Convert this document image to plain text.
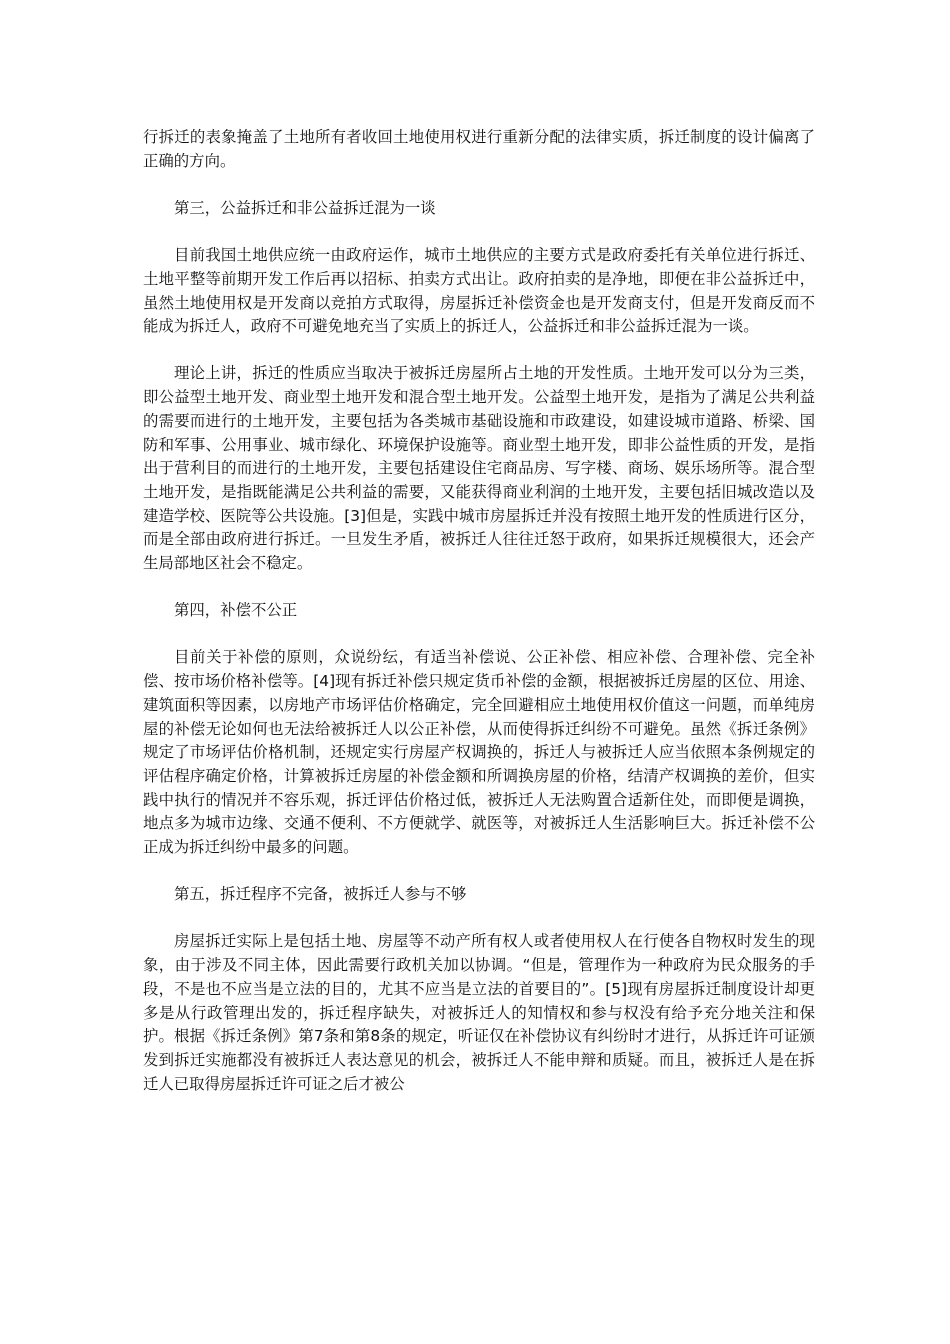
行拆迁的表象掩盖了土地所有者收回土地使用权进行重新分配的法律实质，拆迁制度的设计偏离了正确的方向。

第三，公益拆迁和非公益拆迁混为一谈

目前我国土地供应统一由政府运作，城市土地供应的主要方式是政府委托有关单位进行拆迁、土地平整等前期开发工作后再以招标、拍卖方式出让。政府拍卖的是净地，即便在非公益拆迁中，虽然土地使用权是开发商以竞拍方式取得，房屋拆迁补偿资金也是开发商支付，但是开发商反而不能成为拆迁人，政府不可避免地充当了实质上的拆迁人，公益拆迁和非公益拆迁混为一谈。

理论上讲，拆迁的性质应当取决于被拆迁房屋所占土地的开发性质。土地开发可以分为三类，即公益型土地开发、商业型土地开发和混合型土地开发。公益型土地开发，是指为了满足公共利益的需要而进行的土地开发，主要包括为各类城市基础设施和市政建设，如建设城市道路、桥梁、国防和军事、公用事业、城市绿化、环境保护设施等。商业型土地开发，即非公益性质的开发，是指出于营利目的而进行的土地开发，主要包括建设住宅商品房、写字楼、商场、娱乐场所等。混合型土地开发，是指既能满足公共利益的需要，又能获得商业利润的土地开发，主要包括旧城改造以及建造学校、医院等公共设施。[3]但是，实践中城市房屋拆迁并没有按照土地开发的性质进行区分，而是全部由政府进行拆迁。一旦发生矛盾，被拆迁人往往迁怒于政府，如果拆迁规模很大，还会产生局部地区社会不稳定。

第四，补偿不公正

目前关于补偿的原则，众说纷纭，有适当补偿说、公正补偿、相应补偿、合理补偿、完全补偿、按市场价格补偿等。[4]现有拆迁补偿只规定货币补偿的金额，根据被拆迁房屋的区位、用途、建筑面积等因素，以房地产市场评估价格确定，完全回避相应土地使用权价值这一问题，而单纯房屋的补偿无论如何也无法给被拆迁人以公正补偿，从而使得拆迁纠纷不可避免。虽然《拆迁条例》规定了市场评估价格机制，还规定实行房屋产权调换的，拆迁人与被拆迁人应当依照本条例规定的评估程序确定价格，计算被拆迁房屋的补偿金额和所调换房屋的价格，结清产权调换的差价，但实践中执行的情况并不容乐观，拆迁评估价格过低，被拆迁人无法购置合适新住处，而即便是调换，地点多为城市边缘、交通不便利、不方便就学、就医等，对被拆迁人生活影响巨大。拆迁补偿不公正成为拆迁纠纷中最多的问题。

第五，拆迁程序不完备，被拆迁人参与不够

房屋拆迁实际上是包括土地、房屋等不动产所有权人或者使用权人在行使各自物权时发生的现象，由于涉及不同主体，因此需要行政机关加以协调。“但是，管理作为一种政府为民众服务的手段，不是也不应当是立法的目的，尤其不应当是立法的首要目的”。[5]现有房屋拆迁制度设计却更多是从行政管理出发的，拆迁程序缺失，对被拆迁人的知情权和参与权没有给予充分地关注和保护。根据《拆迁条例》第7条和第8条的规定，听证仅在补偿协议有纠纷时才进行，从拆迁许可证颁发到拆迁实施都没有被拆迁人表达意见的机会，被拆迁人不能申辩和质疑。而且，被拆迁人是在拆迁人已取得房屋拆迁许可证之后才被公
